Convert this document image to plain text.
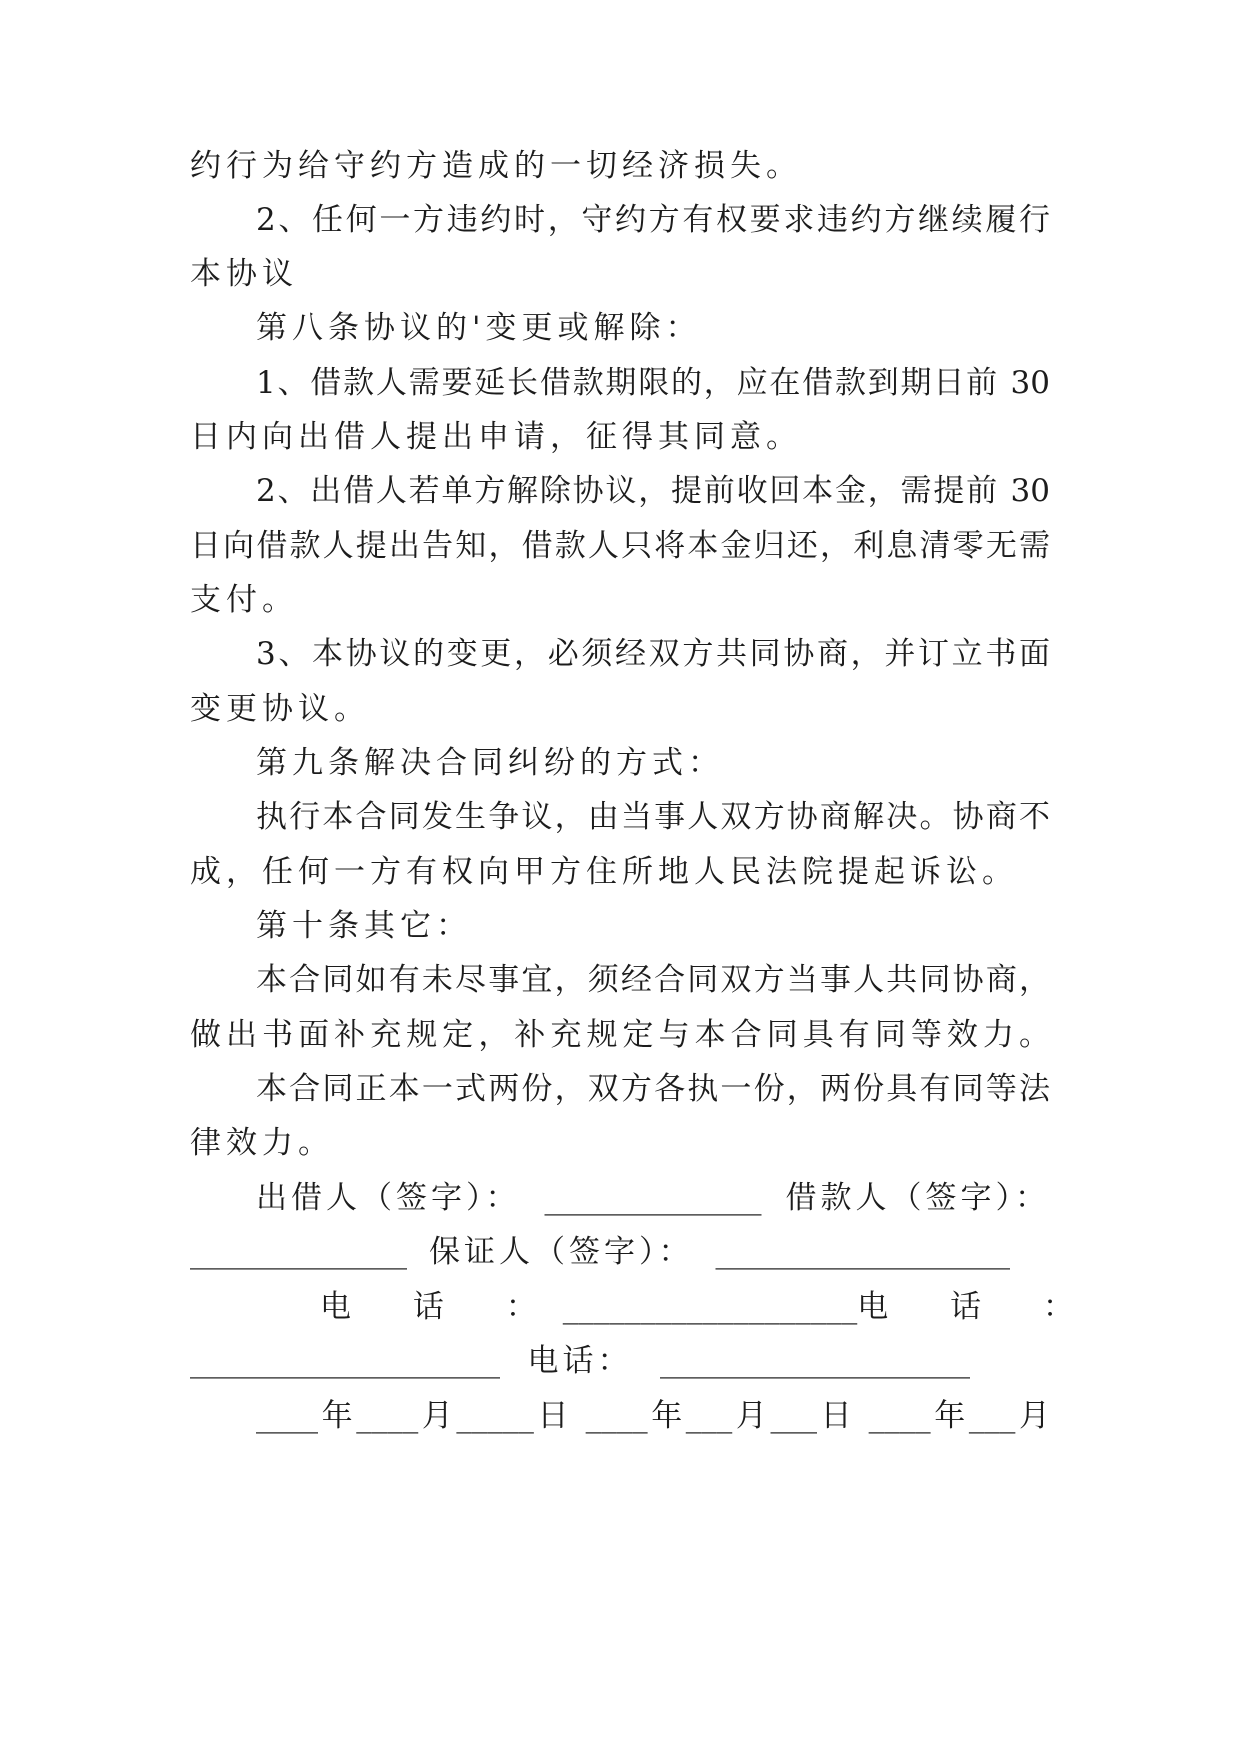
约行为给守约方造成的一切经济损失。
2、任何一方违约时，守约方有权要求违约方继续履行
本协议
第八条协议的'变更或解除：
1、借款人需要延长借款期限的，应在借款到期日前 30
日内向出借人提出申请，征得其同意。
2、出借人若单方解除协议，提前收回本金，需提前 30
日向借款人提出告知，借款人只将本金归还，利息清零无需
支付。
3、本协议的变更，必须经双方共同协商，并订立书面
变更协议。
第九条解决合同纠纷的方式：
执行本合同发生争议，由当事人双方协商解决。协商不
成，任何一方有权向甲方住所地人民法院提起诉讼。
第十条其它：
本合同如有未尽事宜，须经合同双方当事人共同协商，
做出书面补充规定，补充规定与本合同具有同等效力。
本合同正本一式两份，双方各执一份，两份具有同等法
律效力。
出借人（签字）： ______________ 借款人（签字）：
______________ 保证人（签字）： ___________________
电 话 ： ___________________ 电 话 ：
____________________ 电话： ____________________
____年____月_____日 ____年___月___日 ____年___月
